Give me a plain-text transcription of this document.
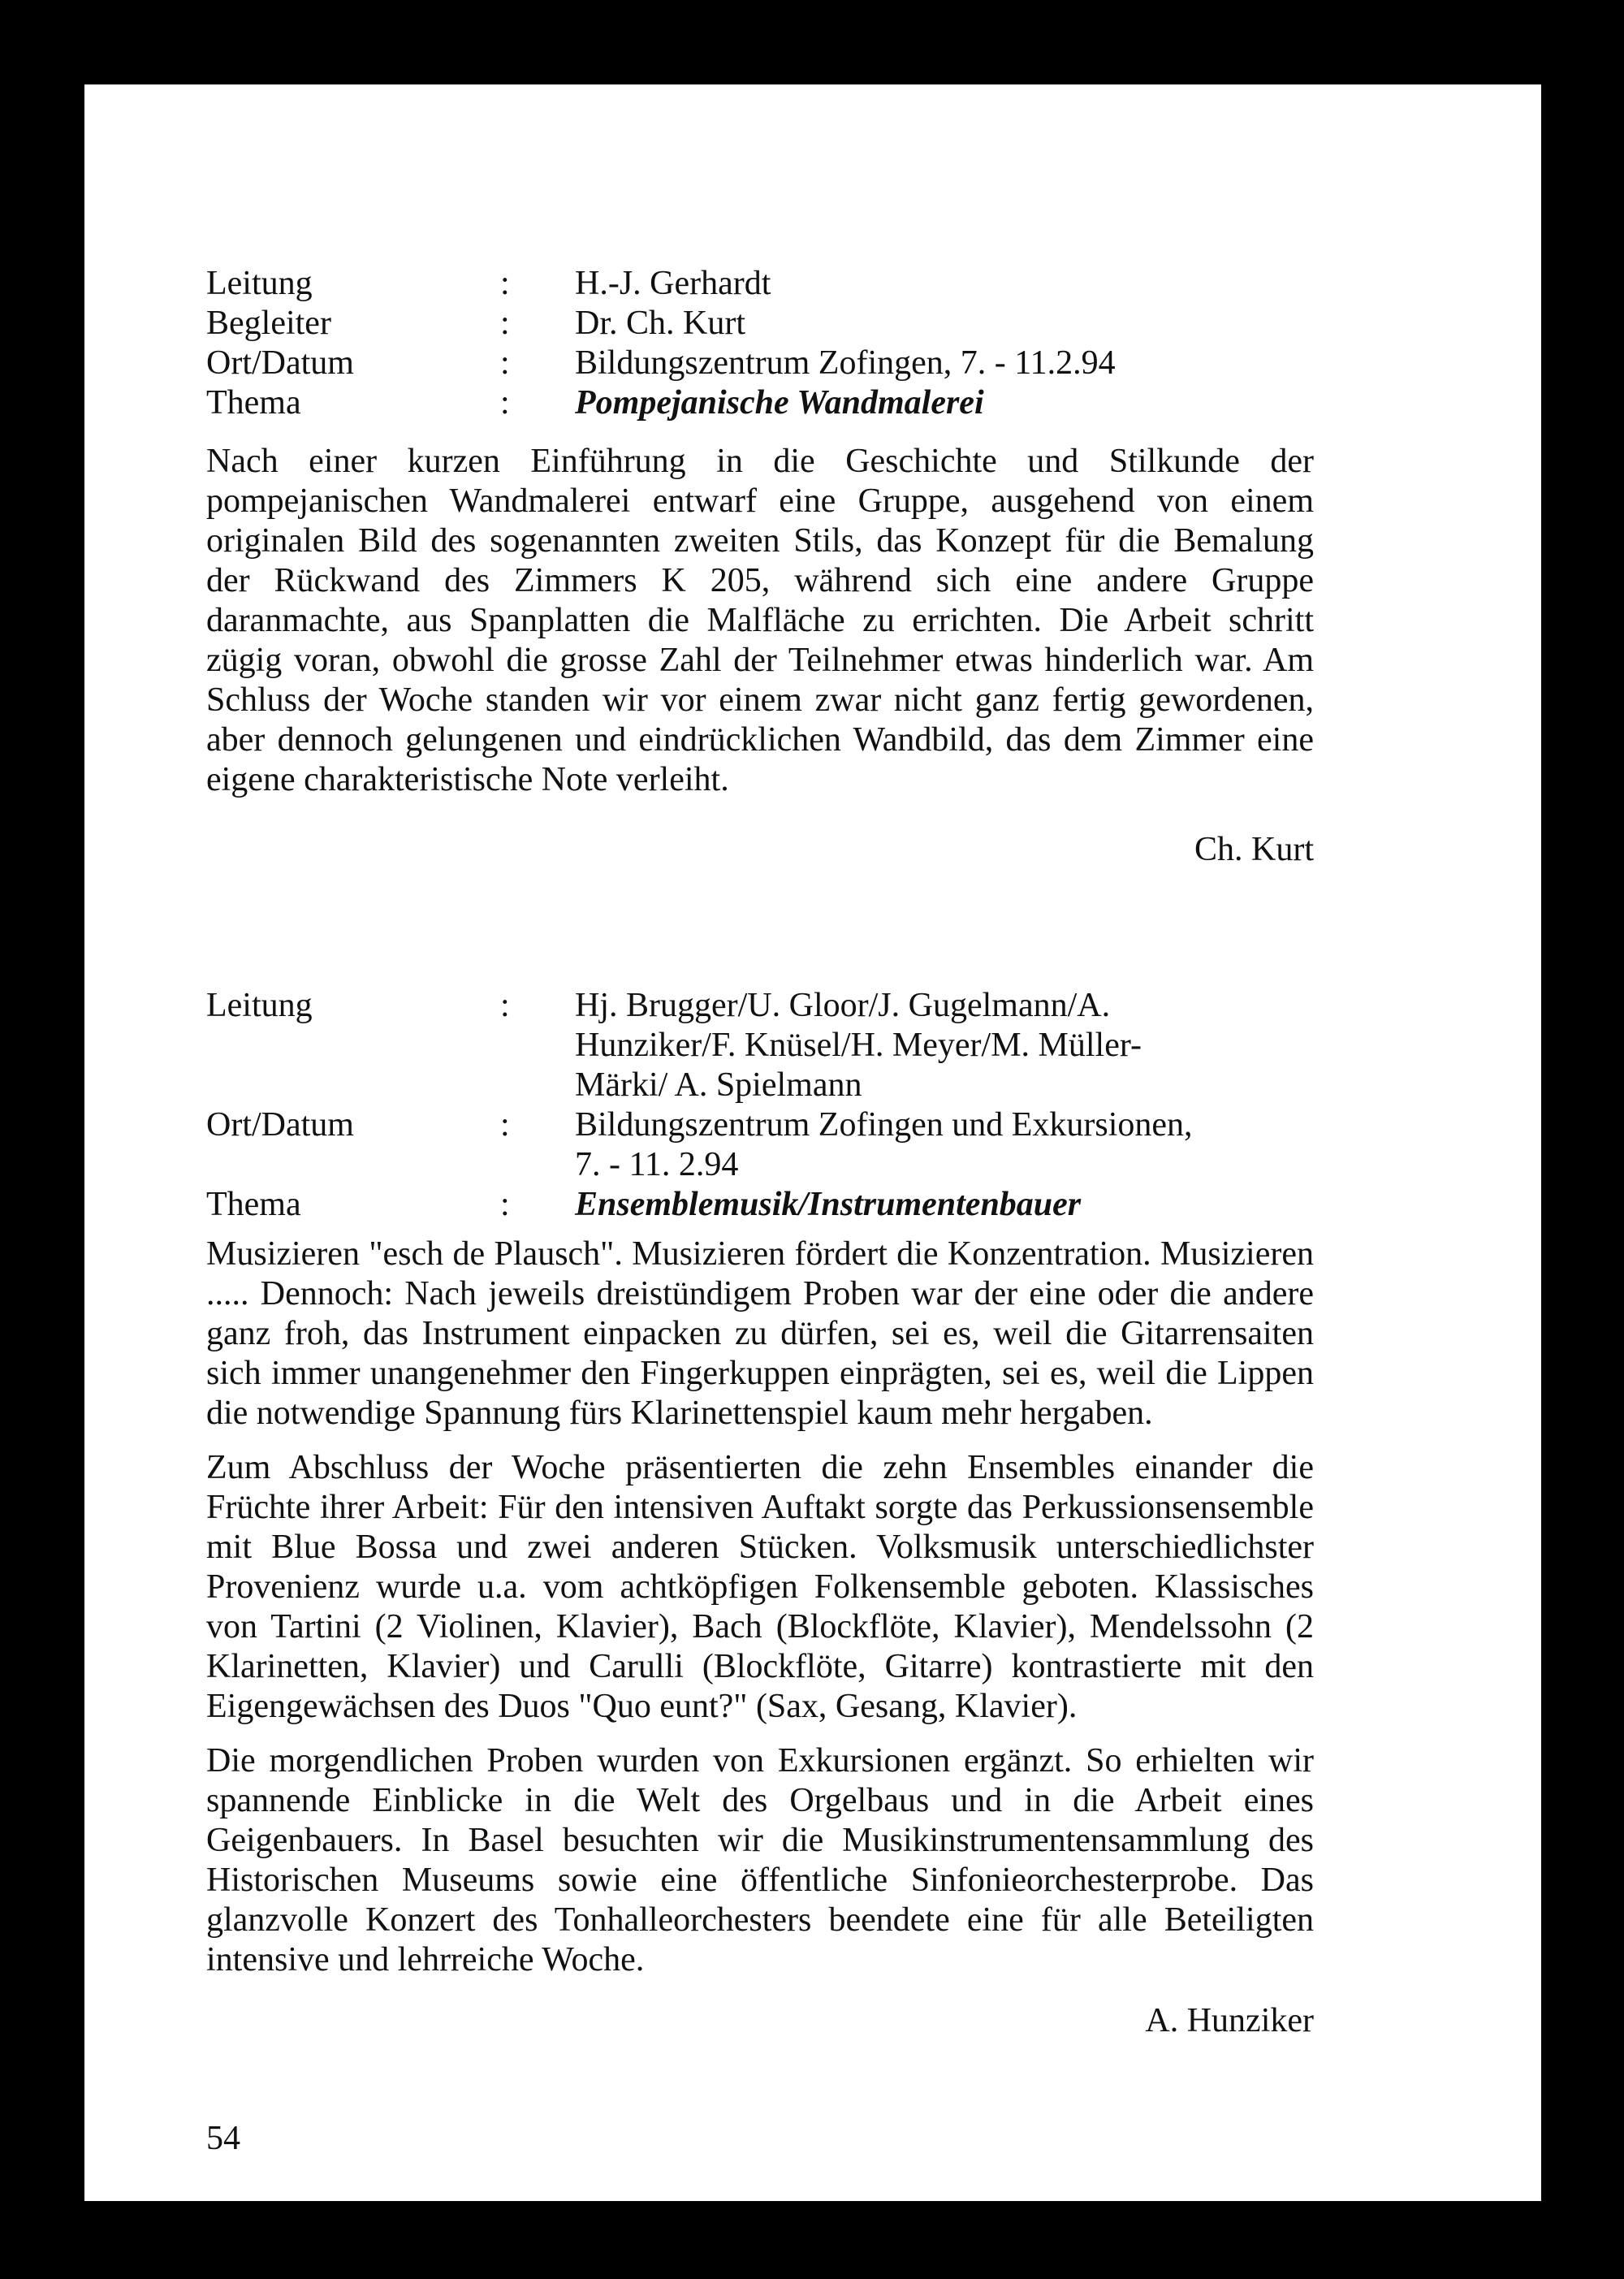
Leitung	: H.-J. Gerhardt
Begleiter	: Dr. Ch. Kurt
Ort/Datum	: Bildungszentrum Zofingen, 7. - 11.2.94
Thema	: Pompejanische Wandmalerei

Nach einer kurzen Einführung in die Geschichte und Stilkunde der pompejanischen Wandmalerei entwarf eine Gruppe, ausgehend von einem originalen Bild des sogenannten zweiten Stils, das Konzept für die Bemalung der Rückwand des Zimmers K 205, während sich eine andere Gruppe daranmachte, aus Spanplatten die Malfläche zu errichten. Die Arbeit schritt zügig voran, obwohl die grosse Zahl der Teilnehmer etwas hinderlich war. Am Schluss der Woche standen wir vor einem zwar nicht ganz fertig gewordenen, aber dennoch gelungenen und eindrücklichen Wandbild, das dem Zimmer eine eigene charakteristische Note verleiht.

Ch. Kurt
Leitung	: Hj. Brugger/U. Gloor/J. Gugelmann/A. Hunziker/F. Knüsel/H. Meyer/M. Müller-Märki/ A. Spielmann
Ort/Datum	: Bildungszentrum Zofingen und Exkursionen, 7. - 11. 2.94
Thema	: Ensemblemusik/Instrumentenbauer

Musizieren "esch de Plausch". Musizieren fördert die Konzentration. Musizieren ..... Dennoch: Nach jeweils dreistündigem Proben war der eine oder die andere ganz froh, das Instrument einpacken zu dürfen, sei es, weil die Gitarrensaiten sich immer unangenehmer den Fingerkuppen einprägten, sei es, weil die Lippen die notwendige Spannung fürs Klarinettenspiel kaum mehr hergaben.

Zum Abschluss der Woche präsentierten die zehn Ensembles einander die Früchte ihrer Arbeit: Für den intensiven Auftakt sorgte das Perkussionsensemble mit Blue Bossa und zwei anderen Stücken. Volksmusik unterschiedlichster Provenienz wurde u.a. vom achtköpfigen Folkensemble geboten. Klassisches von Tartini (2 Violinen, Klavier), Bach (Blockflöte, Klavier), Mendelssohn (2 Klarinetten, Klavier) und Carulli (Blockflöte, Gitarre) kontrastierte mit den Eigengewächsen des Duos "Quo eunt?" (Sax, Gesang, Klavier).

Die morgendlichen Proben wurden von Exkursionen ergänzt. So erhielten wir spannende Einblicke in die Welt des Orgelbaus und in die Arbeit eines Geigenbauers. In Basel besuchten wir die Musikinstrumentensammlung des Historischen Museums sowie eine öffentliche Sinfonieorchesterprobe. Das glanzvolle Konzert des Tonhalleorchesters beendete eine für alle Beteiligten intensive und lehrreiche Woche.

A. Hunziker
54
